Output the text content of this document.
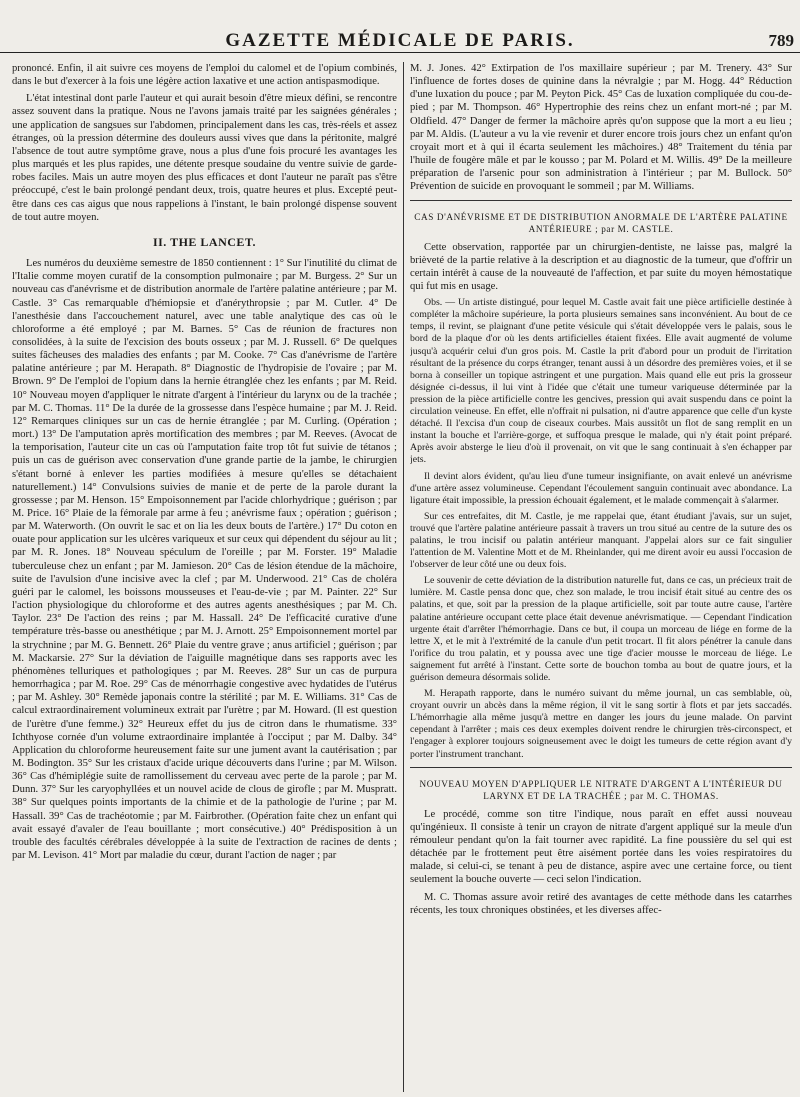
GAZETTE MÉDICALE DE PARIS.	789

prononcé. Enfin, il ait suivre ces moyens de l'emploi du calomel et de l'opium combinés, dans le but d'exercer à la fois une légère action laxative et une action antispasmodique.

L'état intestinal dont parle l'auteur et qui aurait besoin d'être mieux défini, se rencontre assez souvent dans la pratique. Nous ne l'avons jamais traité par les saignées générales ; une application de sangsues sur l'abdomen, principalement dans les cas, très-réels et assez étranges, où la pression détermine des douleurs aussi vives que dans la péritonite, malgré l'absence de tout autre symptôme grave, nous a plus d'une fois procuré les avantages les plus marqués et les plus rapides, une détente presque soudaine du ventre suivie de garde-robes faciles. Mais un autre moyen des plus efficaces et dont l'auteur ne paraît pas s'être préoccupé, c'est le bain prolongé pendant deux, trois, quatre heures et plus. Excepté peut-être dans ces cas aigus que nous rappelions à l'instant, le bain prolongé dispense souvent de tout autre moyen.

II. THE LANCET.

Les numéros du deuxième semestre de 1850 contiennent : 1° Sur l'inutilité du climat de l'Italie comme moyen curatif de la consomption pulmonaire ; par M. Burgess. 2° Sur un nouveau cas d'anévrisme et de distribution anormale de l'artère palatine antérieure ; par M. Castle. 3° Cas remarquable d'hémiopsie et d'anérythropsie ; par M. Cutler. 4° De l'anesthésie dans l'accouchement naturel, avec une table analytique des cas où le chloroforme a été employé ; par M. Barnes. 5° Cas de réunion de fractures non consolidées, à la suite de l'excision des bouts osseux ; par M. J. Russell. 6° De quelques suites fâcheuses des maladies des enfants ; par M. Cooke. 7° Cas d'anévrisme de l'artère palatine antérieure ; par M. Herapath. 8° Diagnostic de l'hydropisie de l'ovaire ; par M. Brown. 9° De l'emploi de l'opium dans la hernie étranglée chez les enfants ; par M. Reid. 10° Nouveau moyen d'appliquer le nitrate d'argent à l'intérieur du larynx ou de la trachée ; par M. C. Thomas. 11° De la durée de la grossesse dans l'espèce humaine ; par M. J. Reid. 12° Remarques cliniques sur un cas de hernie étranglée ; par M. Curling. (Opération ; mort.) 13° De l'amputation après mortification des membres ; par M. Reeves. (Avocat de la temporisation, l'auteur cite un cas où l'amputation faite trop tôt fut suivie de tétanos ; puis un cas de guérison avec conservation d'une grande partie de la jambe, le chirurgien s'étant borné à enlever les parties modifiées à mesure qu'elles se détachaient naturellement.) 14° Convulsions suivies de manie et de perte de la parole durant la grossesse ; par M. Henson. 15° Empoisonnement par l'acide chlorhydrique ; guérison ; par M. Price. 16° Plaie de la fémorale par arme à feu ; anévrisme faux ; opération ; guérison ; par M. Waterworth. (On ouvrit le sac et on lia les deux bouts de l'artère.) 17° Du coton en ouate pour application sur les ulcères variqueux et sur ceux qui dépendent du séjour au lit ; par M. R. Jones. 18° Nouveau spéculum de l'oreille ; par M. Forster. 19° Maladie tuberculeuse chez un enfant ; par M. Jamieson. 20° Cas de lésion étendue de la mâchoire, suite de l'avulsion d'une incisive avec la clef ; par M. Underwood. 21° Cas de choléra guéri par le calomel, les boissons mousseuses et l'eau-de-vie ; par M. Painter. 22° Sur l'action physiologique du chloroforme et des autres agents anesthésiques ; par M. Ch. Taylor. 23° De l'action des reins ; par M. Hassall. 24° De l'efficacité curative d'une température très-basse ou anesthétique ; par M. J. Arnott. 25° Empoisonnement mortel par la strychnine ; par M. G. Bennett. 26° Plaie du ventre grave ; anus artificiel ; guérison ; par M. Mackarsie. 27° Sur la déviation de l'aiguille magnétique dans ses rapports avec les phénomènes telluriques et pathologiques ; par M. Reeves. 28° Sur un cas de purpura hemorrhagica ; par M. Roe. 29° Cas de ménorrhagie congestive avec hydatides de l'utérus ; par M. Ashley. 30° Remède japonais contre la stérilité ; par M. E. Williams. 31° Cas de calcul extraordinairement volumineux extrait par l'urètre ; par M. Howard. (Il est question de l'urètre d'une femme.) 32° Heureux effet du jus de citron dans le rhumatisme. 33° Ichthyose cornée d'un volume extraordinaire implantée à l'occiput ; par M. Dalby. 34° Application du chloroforme heureusement faite sur une jument avant la cautérisation ; par M. Bodington. 35° Sur les cristaux d'acide urique découverts dans l'urine ; par M. Wilson. 36° Cas d'hémiplégie suite de ramollissement du cerveau avec perte de la parole ; par M. Dunn. 37° Sur les caryophyllées et un nouvel acide de clous de girofle ; par M. Muspratt. 38° Sur quelques points importants de la chimie et de la pathologie de l'urine ; par M. Hassall. 39° Cas de trachéotomie ; par M. Fairbrother. (Opération faite chez un enfant qui avait essayé d'avaler de l'eau bouillante ; mort consécutive.) 40° Prédisposition à un trouble des facultés cérébrales développée à la suite de l'extraction de racines de dents ; par M. Levison. 41° Mort par maladie du cœur, durant l'action de nager ; par

M. J. Jones. 42° Extirpation de l'os maxillaire supérieur ; par M. Trenery. 43° Sur l'influence de fortes doses de quinine dans la névralgie ; par M. Hogg. 44° Réduction d'une luxation du pouce ; par M. Peyton Pick. 45° Cas de luxation compliquée du cou-de-pied ; par M. Thompson. 46° Hypertrophie des reins chez un enfant mort-né ; par M. Oldfield. 47° Danger de fermer la mâchoire après qu'on suppose que la mort a eu lieu ; par M. Aldis. (L'auteur a vu la vie revenir et durer encore trois jours chez un enfant qu'on croyait mort et à qui il écarta seulement les mâchoires.) 48° Traitement du ténia par l'huile de fougère mâle et par le kousso ; par M. Polard et M. Willis. 49° De la meilleure préparation de l'arsenic pour son administration à l'intérieur ; par M. Bullock. 50° Prévention de suicide en provoquant le sommeil ; par M. Williams.

CAS D'ANÉVRISME ET DE DISTRIBUTION ANORMALE DE L'ARTÈRE PALATINE ANTÉRIEURE ; par M. CASTLE.

Cette observation, rapportée par un chirurgien-dentiste, ne laisse pas, malgré la brièveté de la partie relative à la description et au diagnostic de la tumeur, que d'offrir un certain intérêt à cause de la nouveauté de l'affection, et par suite du moyen hémostatique qui fut mis en usage.

Obs. — Un artiste distingué, pour lequel M. Castle avait fait une pièce artificielle destinée à compléter la mâchoire supérieure, la porta plusieurs semaines sans inconvénient. Au bout de ce temps, il revint, se plaignant d'une petite vésicule qui s'était développée vers le palais, sous le bord de la plaque d'or où les dents artificielles étaient fixées. Elle avait augmenté de volume jusqu'à acquérir celui d'un gros pois. M. Castle la prit d'abord pour un produit de l'irritation résultant de la présence du corps étranger, tenant aussi à un désordre des premières voies, et il se borna à conseiller un topique astringent et une purgation. Mais quand elle eut pris la grosseur désignée ci-dessus, il lui vint à l'idée que c'était une tumeur variqueuse déterminée par la pression de la pièce artificielle contre les gencives, pression qui avait suspendu dans ce point la circulation veineuse. En effet, elle n'offrait ni pulsation, ni d'autre apparence que celle d'un kyste détaché. Il l'excisa d'un coup de ciseaux courbes. Mais aussitôt un flot de sang remplit en un instant la bouche et l'arrière-gorge, et suffoqua presque le malade, qui n'y était point préparé. Après avoir absterge le lieu d'où il provenait, on vit que le sang continuait à s'en échapper par jets.

Il devint alors évident, qu'au lieu d'une tumeur insignifiante, on avait enlevé un anévrisme d'une artère assez volumineuse. Cependant l'écoulement sanguin continuait avec abondance. La ligature était impossible, la pression échouait également, et le malade commençait à s'alarmer.

Sur ces entrefaites, dit M. Castle, je me rappelai que, étant étudiant j'avais, sur un sujet, trouvé que l'artère palatine antérieure passait à travers un trou situé au centre de la suture des os palatins, le trou incisif ou palatin antérieur manquant. J'appelai alors sur ce fait singulier l'attention de M. Valentine Mott et de M. Rheinlander, qui me dirent avoir eu aussi l'occasion de l'observer de leur côté une ou deux fois.

Le souvenir de cette déviation de la distribution naturelle fut, dans ce cas, un précieux trait de lumière. M. Castle pensa donc que, chez son malade, le trou incisif était situé au centre des os palatins, et que, soit par la pression de la plaque artificielle, soit par toute autre cause, l'artère palatine antérieure occupant cette place était devenue anévrismatique. — Cependant l'indication urgente était d'arrêter l'hémorrhagie. Dans ce but, il coupa un morceau de liége en forme de la lettre X, et le mit à l'extrémité de la canule d'un petit trocart. Il fit alors pénétrer la canule dans l'orifice du trou palatin, et y poussa avec une tige d'acier mousse le morceau de liége. Le saignement fut arrêté à l'instant. Cette sorte de bouchon tomba au bout de quatre jours, et la guérison demeura désormais solide.

M. Herapath rapporte, dans le numéro suivant du même journal, un cas semblable, où, croyant ouvrir un abcès dans la même région, il vit le sang sortir à flots et par jets saccadés. L'hémorrhagie alla même jusqu'à mettre en danger les jours du jeune malade. On parvint cependant à l'arrêter ; mais ces deux exemples doivent rendre le chirurgien très-circonspect, et l'engager à explorer toujours soigneusement avec le doigt les tumeurs de cette région avant d'y porter l'instrument tranchant.

NOUVEAU MOYEN D'APPLIQUER LE NITRATE D'ARGENT A L'INTÉRIEUR DU LARYNX ET DE LA TRACHÉE ; par M. C. THOMAS.

Le procédé, comme son titre l'indique, nous paraît en effet aussi nouveau qu'ingénieux. Il consiste à tenir un crayon de nitrate d'argent appliqué sur la meule d'un rémouleur pendant qu'on la fait tourner avec rapidité. La fine poussière du sel qui est détachée par le frottement peut être aisément portée dans les voies respiratoires du malade, si celui-ci, se tenant à peu de distance, aspire avec une certaine force, ou tient seulement la bouche ouverte — ceci selon l'indication.

M. C. Thomas assure avoir retiré des avantages de cette méthode dans les catarrhes récents, les toux chroniques obstinées, et les diverses affec-
